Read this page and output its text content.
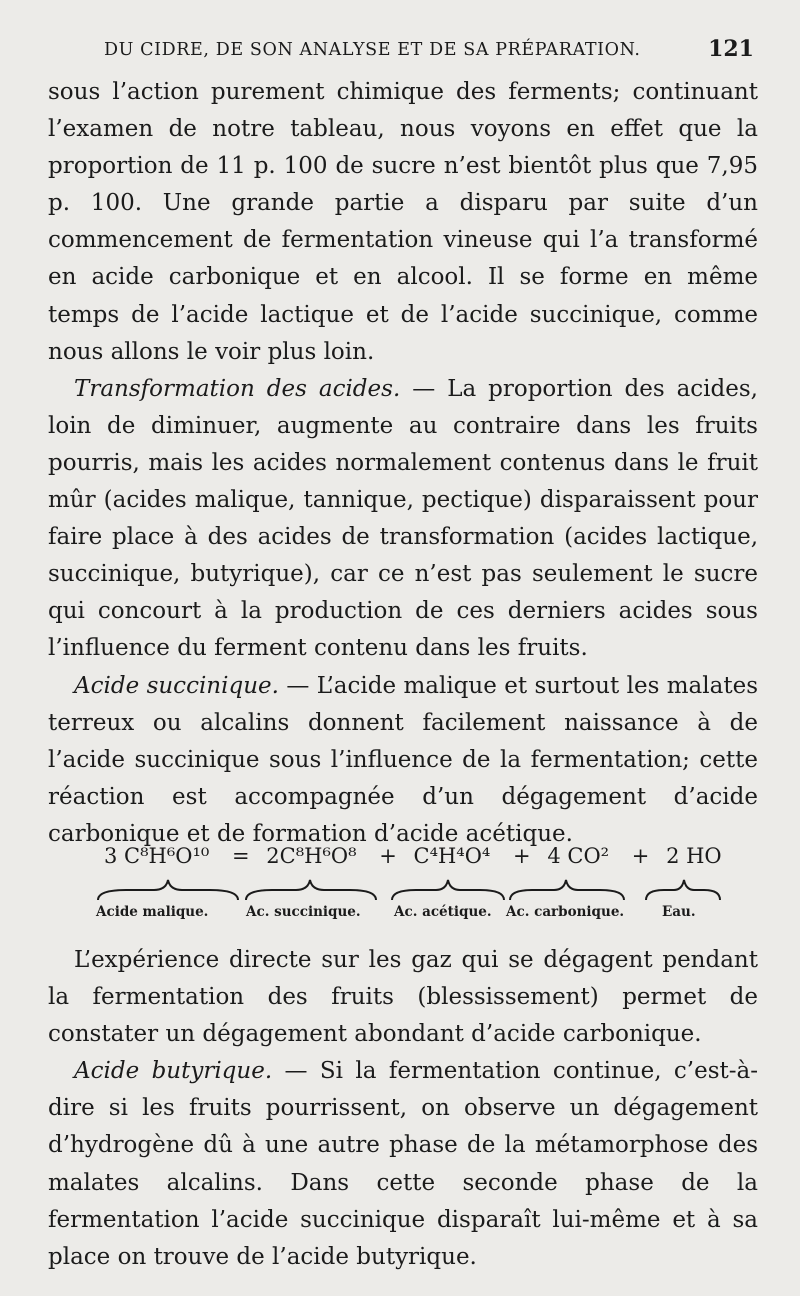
DU CIDRE, DE SON ANALYSE ET DE SA PRÉPARATION.	121

sous l’action purement chimique des ferments; continuant l’examen de notre tableau, nous voyons en effet que la proportion de 11 p. 100 de sucre n’est bientôt plus que 7,95 p. 100. Une grande partie a disparu par suite d’un commencement de fermentation vineuse qui l’a transformé en acide carbonique et en alcool. Il se forme en même temps de l’acide lactique et de l’acide succinique, comme nous allons le voir plus loin.

Transformation des acides. — La proportion des acides, loin de diminuer, augmente au contraire dans les fruits pourris, mais les acides normalement contenus dans le fruit mûr (acides malique, tannique, pectique) disparaissent pour faire place à des acides de transformation (acides lactique, succinique, butyrique), car ce n’est pas seulement le sucre qui concourt à la production de ces derniers acides sous l’influence du ferment contenu dans les fruits.

Acide succinique. — L’acide malique et surtout les malates terreux ou alcalins donnent facilement naissance à de l’acide succinique sous l’influence de la fermentation; cette réaction est accompagnée d’un dégagement d’acide carbonique et de formation d’acide acétique.

3 C⁸H⁶O¹⁰ = 2C⁸H⁶O⁸ + C⁴H⁴O⁴ + 4 CO² + 2 HO
Acide malique.	Ac. succinique. Ac. acétique. Ac. carbonique.	Eau.

L’expérience directe sur les gaz qui se dégagent pendant la fermentation des fruits (blessissement) permet de constater un dégagement abondant d’acide carbonique.

Acide butyrique. — Si la fermentation continue, c’est-à-dire si les fruits pourrissent, on observe un dégagement d’hydrogène dû à une autre phase de la métamorphose des malates alcalins. Dans cette seconde phase de la fermentation l’acide succinique disparaît lui-même et à sa place on trouve de l’acide butyrique.
